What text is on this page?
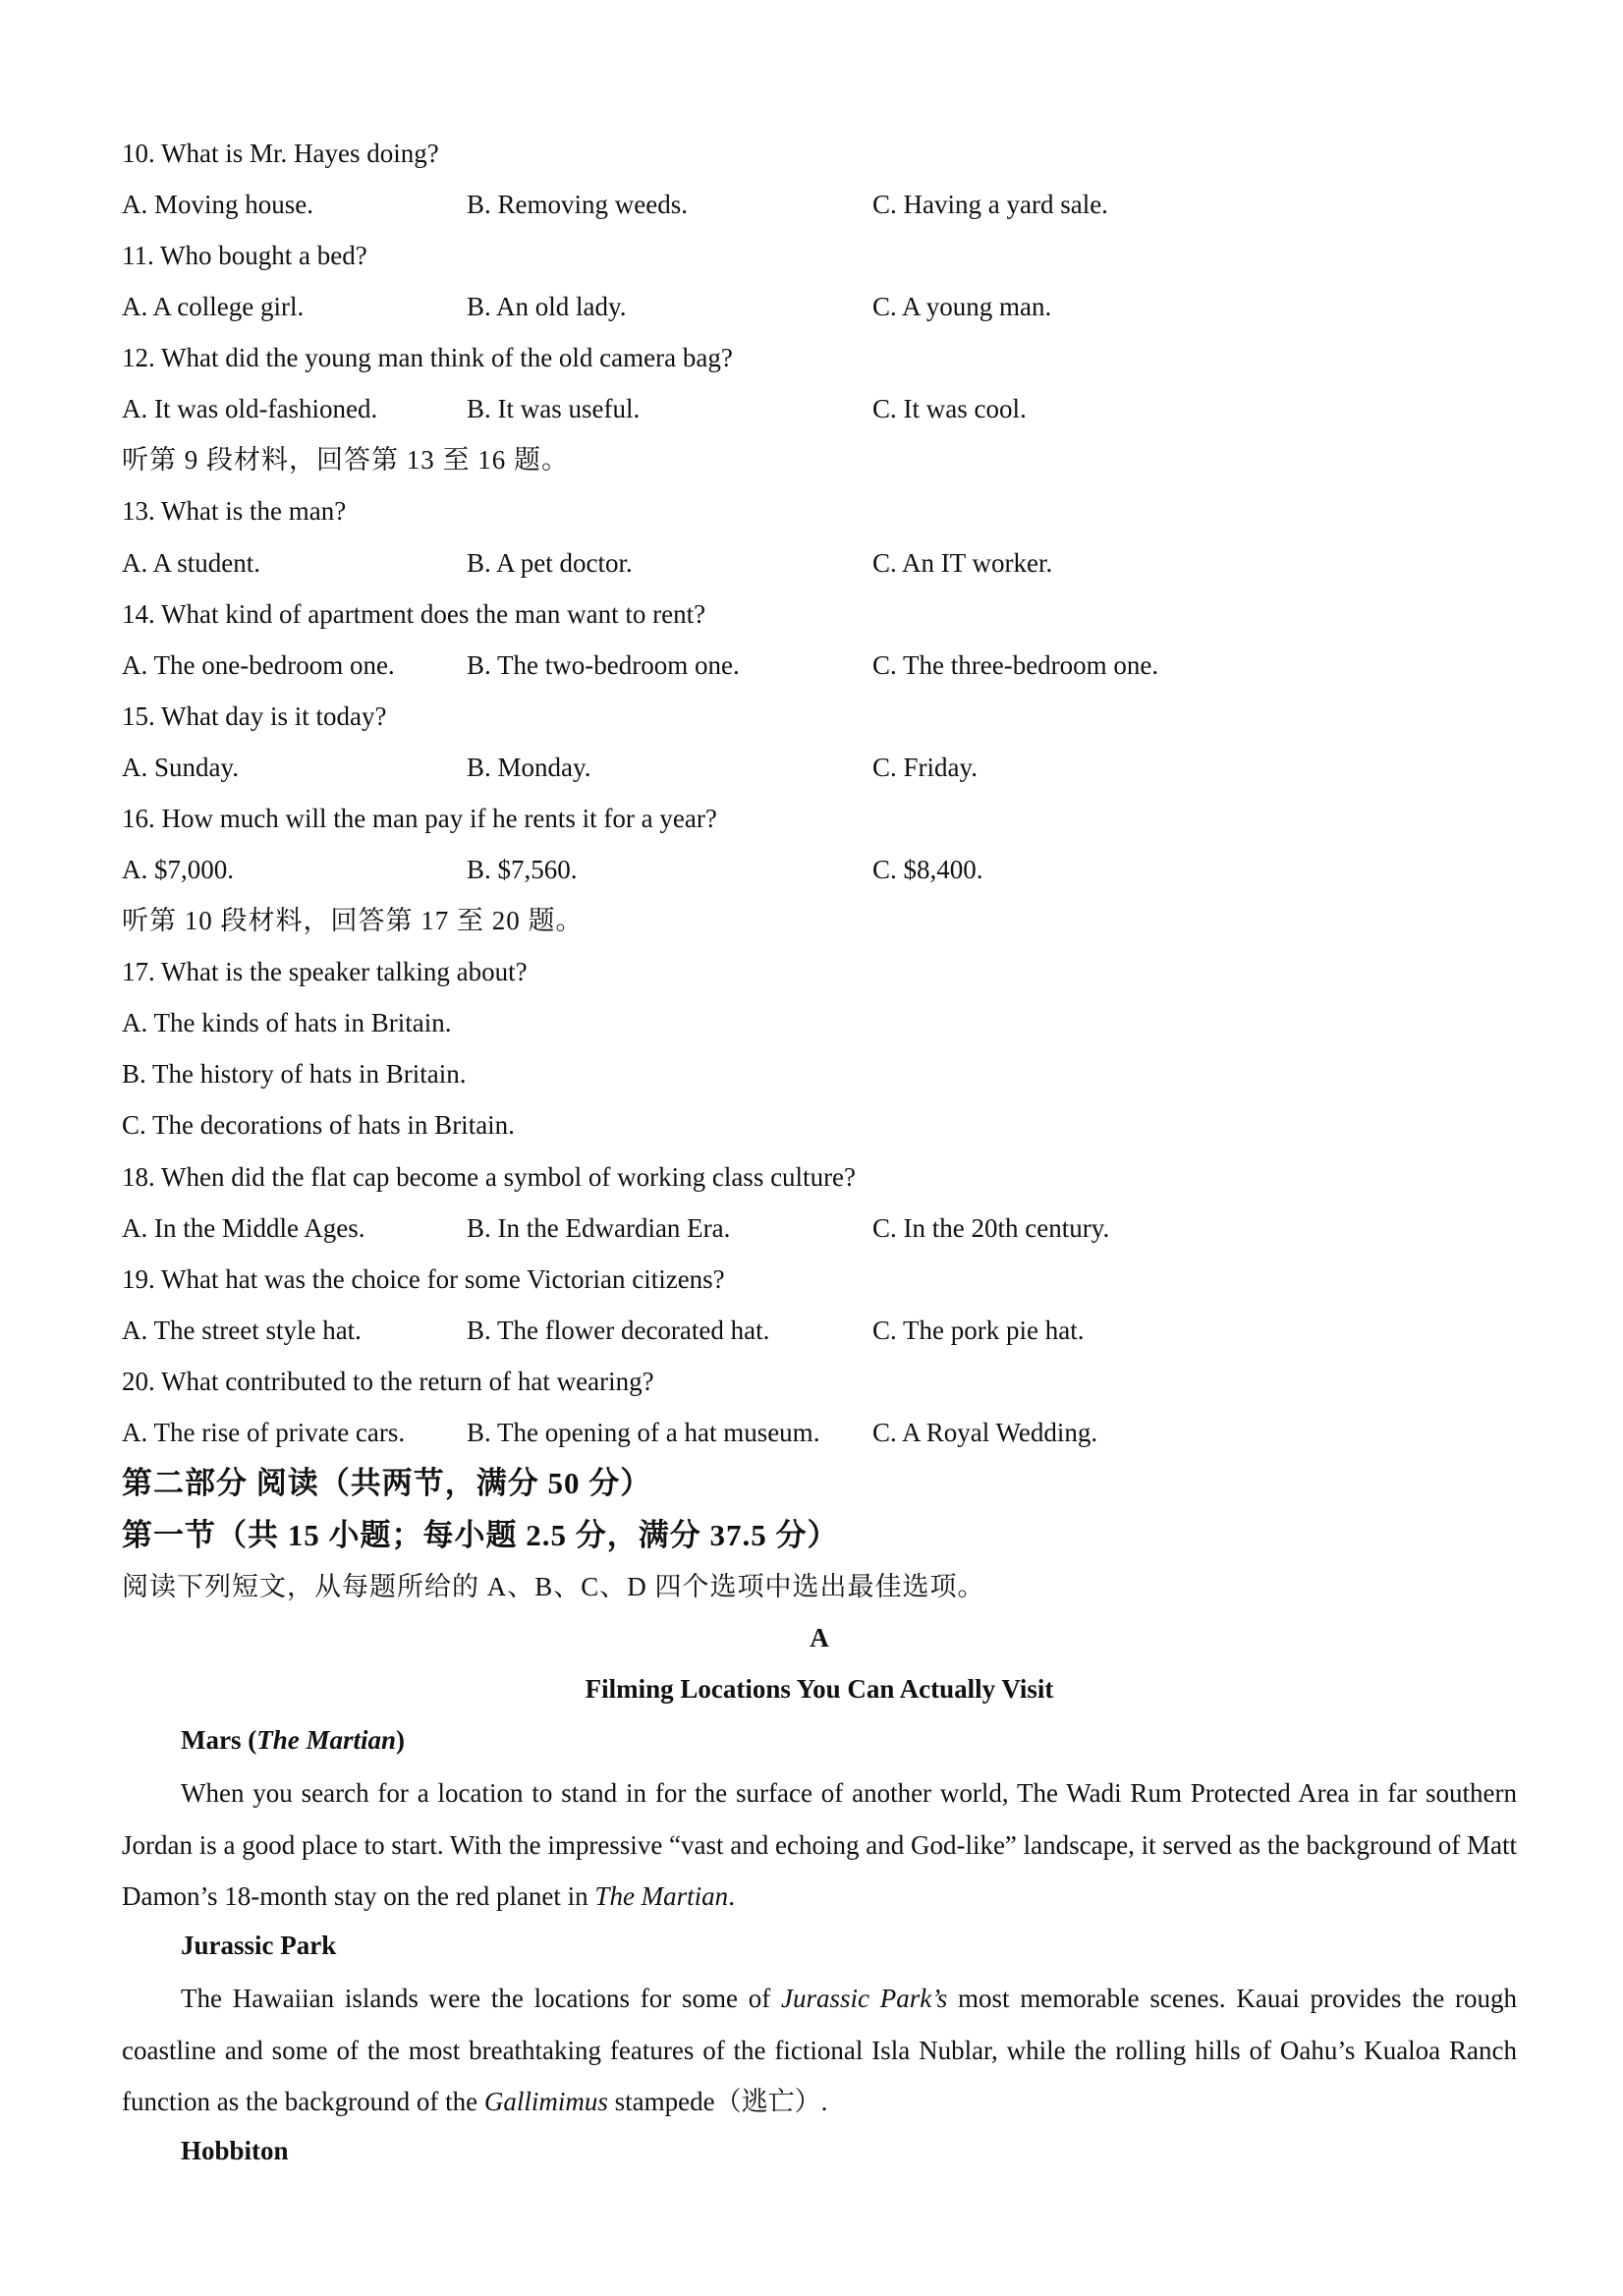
10. What is Mr. Hayes doing?
A. Moving house.	B. Removing weeds.	C. Having a yard sale.
11. Who bought a bed?
A. A college girl.	B. An old lady.	C. A young man.
12. What did the young man think of the old camera bag?
A. It was old-fashioned.	B. It was useful.	C. It was cool.
听第 9 段材料，回答第 13 至 16 题。
13. What is the man?
A. A student.	B. A pet doctor.	C. An IT worker.
14. What kind of apartment does the man want to rent?
A. The one-bedroom one.	B. The two-bedroom one.	C. The three-bedroom one.
15. What day is it today?
A. Sunday.	B. Monday.	C. Friday.
16. How much will the man pay if he rents it for a year?
A. $7,000.	B. $7,560.	C. $8,400.
听第 10 段材料，回答第 17 至 20 题。
17. What is the speaker talking about?
A. The kinds of hats in Britain.
B. The history of hats in Britain.
C. The decorations of hats in Britain.
18. When did the flat cap become a symbol of working class culture?
A. In the Middle Ages.	B. In the Edwardian Era.	C. In the 20th century.
19. What hat was the choice for some Victorian citizens?
A. The street style hat.	B. The flower decorated hat.	C. The pork pie hat.
20. What contributed to the return of hat wearing?
A. The rise of private cars. B. The opening of a hat museum. C. A Royal Wedding.
第二部分 阅读（共两节，满分 50 分）
第一节（共 15 小题；每小题 2.5 分，满分 37.5 分）
阅读下列短文，从每题所给的 A、B、C、D 四个选项中选出最佳选项。
A
Filming Locations You Can Actually Visit
Mars (The Martian)
When you search for a location to stand in for the surface of another world, The Wadi Rum Protected Area in far southern Jordan is a good place to start. With the impressive “vast and echoing and God-like” landscape, it served as the background of Matt Damon’s 18-month stay on the red planet in The Martian.
Jurassic Park
The Hawaiian islands were the locations for some of Jurassic Park’s most memorable scenes. Kauai provides the rough coastline and some of the most breathtaking features of the fictional Isla Nublar, while the rolling hills of Oahu’s Kualoa Ranch function as the background of the Gallimimus stampede（逃亡）.
Hobbiton
